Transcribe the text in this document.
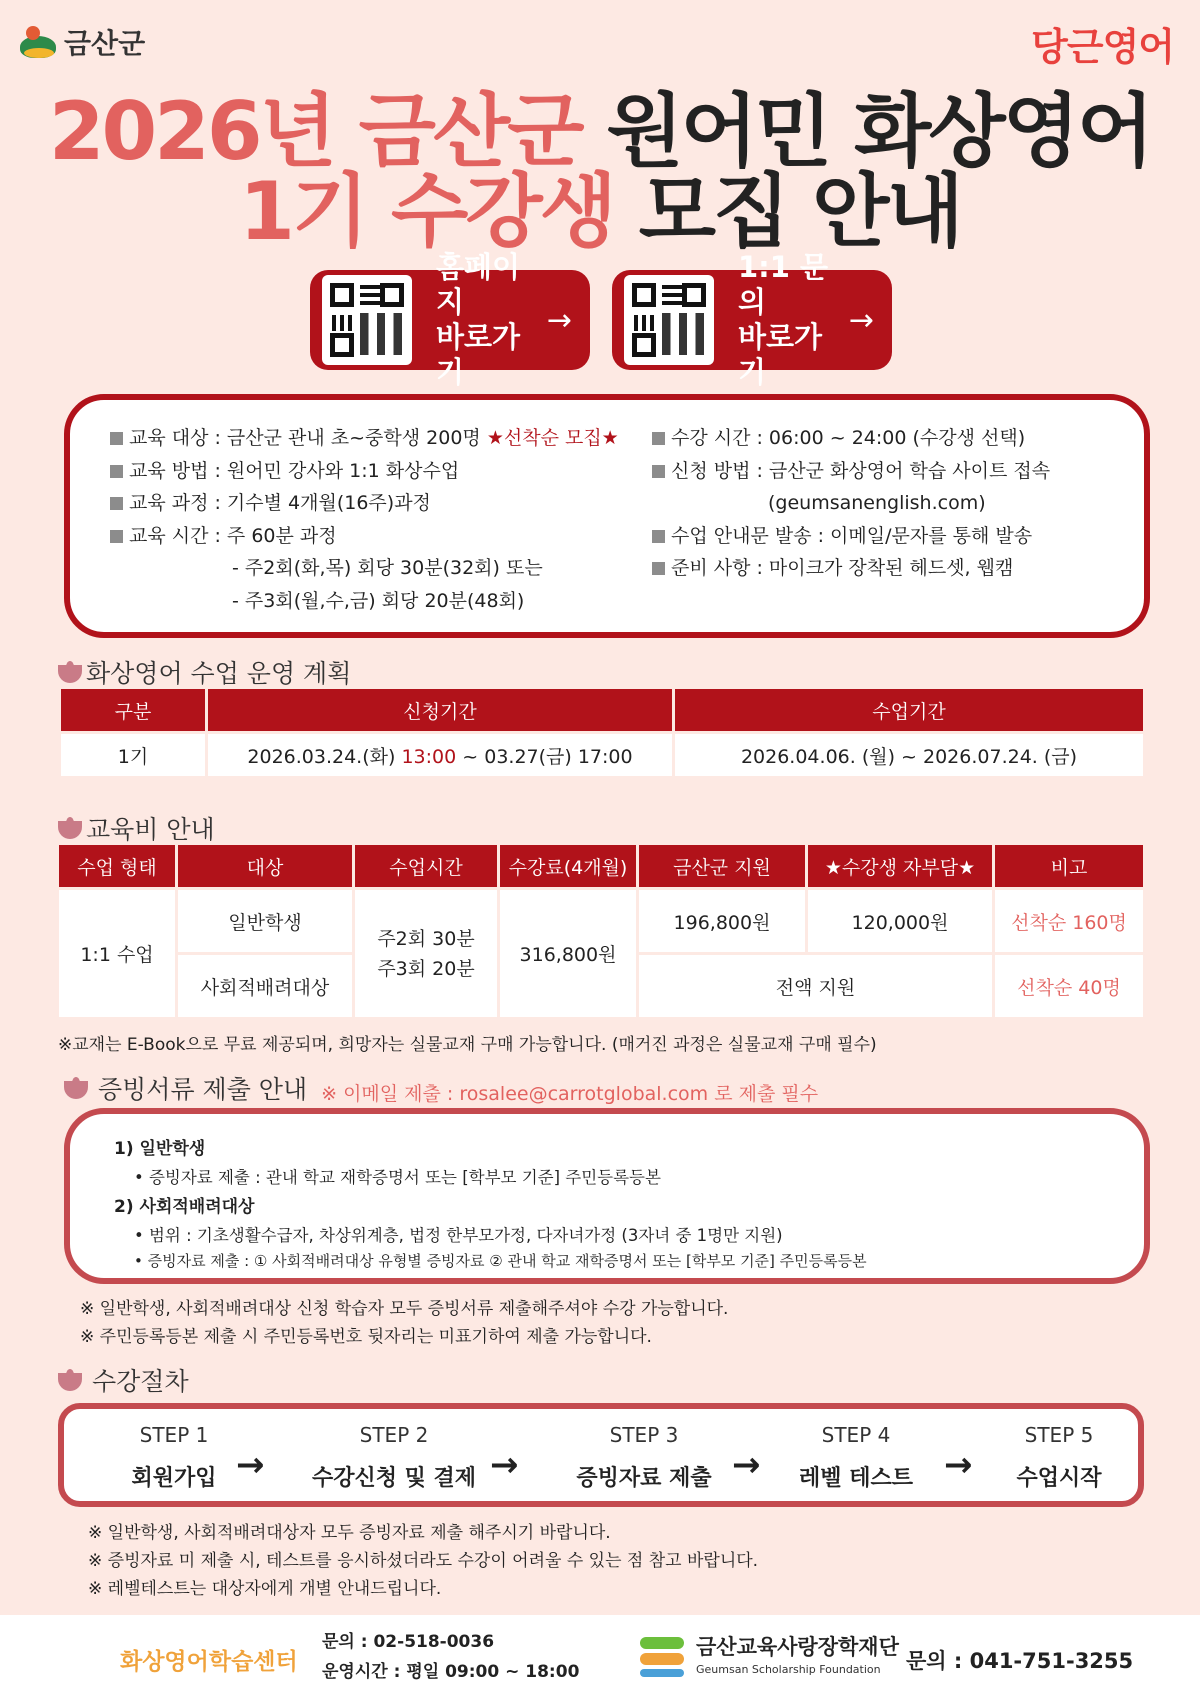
금산군	당근영어
2026년 금산군 원어민 화상영어
1기 수강생 모집 안내
홈페이지
바로가기
→
1:1 문의
바로가기
→
교육 대상 : 금산군 관내 초~중학생 200명 ★선착순 모집★
교육 방법 : 원어민 강사와 1:1 화상수업
교육 과정 : 기수별 4개월(16주)과정
교육 시간 : 주 60분 과정
- 주2회(화,목) 회당 30분(32회) 또는
- 주3회(월,수,금) 회당 20분(48회)
수강 시간 : 06:00 ~ 24:00 (수강생 선택)
신청 방법 : 금산군 화상영어 학습 사이트 접속
(geumsanenglish.com)
수업 안내문 발송 : 이메일/문자를 통해 발송
준비 사항 : 마이크가 장착된 헤드셋, 웹캠
화상영어 수업 운영 계획
구분	신청기간	수업기간
1기	2026.03.24.(화) 13:00 ~ 03.27(금) 17:00	2026.04.06. (월) ~ 2026.07.24. (금)
교육비 안내
수업 형태	대상	수업시간	수강료(4개월)	금산군 지원	★수강생 자부담★	비고
1:1 수업	일반학생	주2회 30분
주3회 20분	316,800원	196,800원	120,000원	선착순 160명
	사회적배려대상			전액 지원		선착순 40명
※교재는 E-Book으로 무료 제공되며, 희망자는 실물교재 구매 가능합니다. (매거진 과정은 실물교재 구매 필수)
증빙서류 제출 안내 ※ 이메일 제출 : rosalee@carrotglobal.com 로 제출 필수
1) 일반학생
• 증빙자료 제출 : 관내 학교 재학증명서 또는 [학부모 기준] 주민등록등본
2) 사회적배려대상
• 범위 : 기초생활수급자, 차상위계층, 법정 한부모가정, 다자녀가정 (3자녀 중 1명만 지원)
• 증빙자료 제출 : ① 사회적배려대상 유형별 증빙자료 ② 관내 학교 재학증명서 또는 [학부모 기준] 주민등록등본
※ 일반학생, 사회적배려대상 신청 학습자 모두 증빙서류 제출해주셔야 수강 가능합니다.
※ 주민등록등본 제출 시 주민등록번호 뒷자리는 미표기하여 제출 가능합니다.
수강절차
STEP 1
회원가입 →
STEP 2
수강신청 및 결제 →
STEP 3
증빙자료 제출 →
STEP 4
레벨 테스트 →
STEP 5
수업시작
※ 일반학생, 사회적배려대상자 모두 증빙자료 제출 해주시기 바랍니다.
※ 증빙자료 미 제출 시, 테스트를 응시하셨더라도 수강이 어려울 수 있는 점 참고 바랍니다.
※ 레벨테스트는 대상자에게 개별 안내드립니다.
화상영어학습센터
문의 : 02-518-0036
운영시간 : 평일 09:00 ~ 18:00
금산교육사랑장학재단
Geumsan Scholarship Foundation	문의 : 041-751-3255
